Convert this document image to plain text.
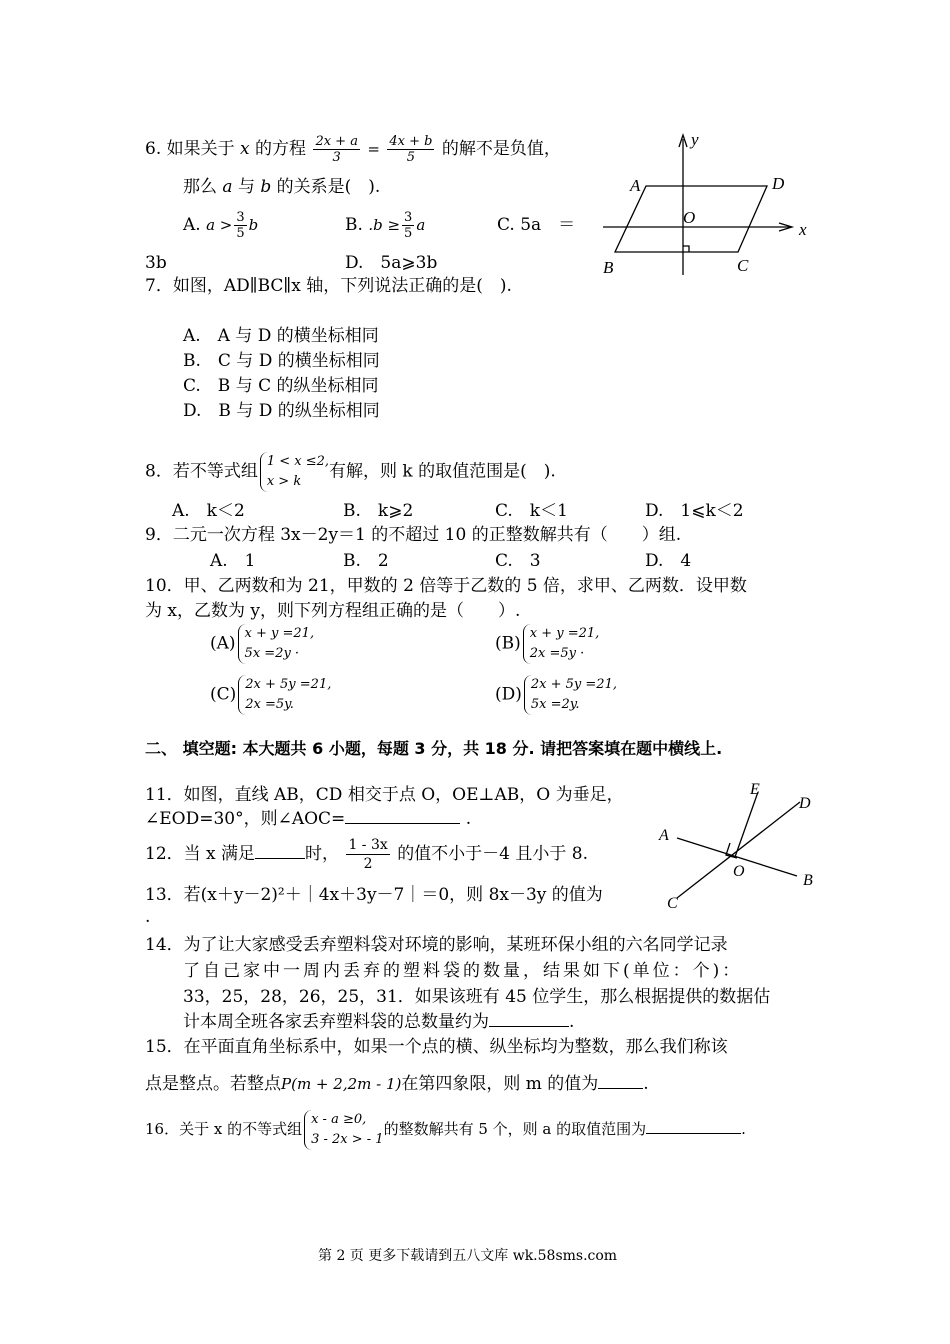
6. 如果关于 x 的方程 $\frac{2x + a}{3} = \frac{4x + b}{5}$ 的解不是负值，
那么 a 与 b 的关系是(　).
A. $a > \frac{3}{5}$ b	B. $.b \ge \frac{3}{5}$ a	C. 5a　＝
3b	D.　5a⩾3b
y
x
A	D
O
B	C
7．如图，AD∥BC∥x 轴，下列说法正确的是(　).
A.　A 与 D 的横坐标相同
B.　C 与 D 的横坐标相同
C.　B 与 C 的纵坐标相同
D.　B 与 D 的纵坐标相同
8．若不等式组 1 < x ≤2,
x > k	有解，则 k 的取值范围是(　).
A.　k＜2	B.　k⩾2	C.　k＜1	D.　1⩽k＜2
9．二元一次方程 3x－2y＝1 的不超过 10 的正整数解共有（　　）组.
A.　1	B.　2	C.　3	D.　4
10．甲、乙两数和为 21，甲数的 2 倍等于乙数的 5 倍，求甲、乙两数．设甲数
为 x，乙数为 y，则下列方程组正确的是（　　）.
(A) x + y =21,
5x =2y ·	(B) x + y =21,
2x =5y ·
(C) 2x + 5y =21,
2x =5y.	(D) 2x + 5y =21,
5x =2y.
二、 填空题: 本大题共 6 小题，每题 3 分，共 18 分. 请把答案填在题中横线上.
11．如图，直线 AB，CD 相交于点 O，OE⊥AB，O 为垂足，
∠EOD=30°，则∠AOC=	.
E
D
A
O
B
C
12．当 x 满足	时， $\frac{1 - 3x}{2}$ 的值不小于－4 且小于 8.
13．若(x＋y－2)²＋｜4x＋3y－7｜＝0，则 8x－3y 的值为
.
14．为了让大家感受丢弃塑料袋对环境的影响，某班环保小组的六名同学记录
了自己家中一周内丢弃的塑料袋的数量，结果如下(单位：个)：
33，25，28，26，25，31．如果该班有 45 位学生，那么根据提供的数据估
计本周全班各家丢弃塑料袋的总数量约为	.
15．在平面直角坐标系中，如果一个点的横、纵坐标均为整数，那么我们称该
点是整点。若整点P(m + 2,2m - 1)在第四象限，则 m 的值为	.
16．关于 x 的不等式组
x - a ≥0,
3 - 2x > - 1
的整数解共有 5 个，则 a 的取值范围为	.
第 2 页 更多下载请到五八文库 wk.58sms.com
